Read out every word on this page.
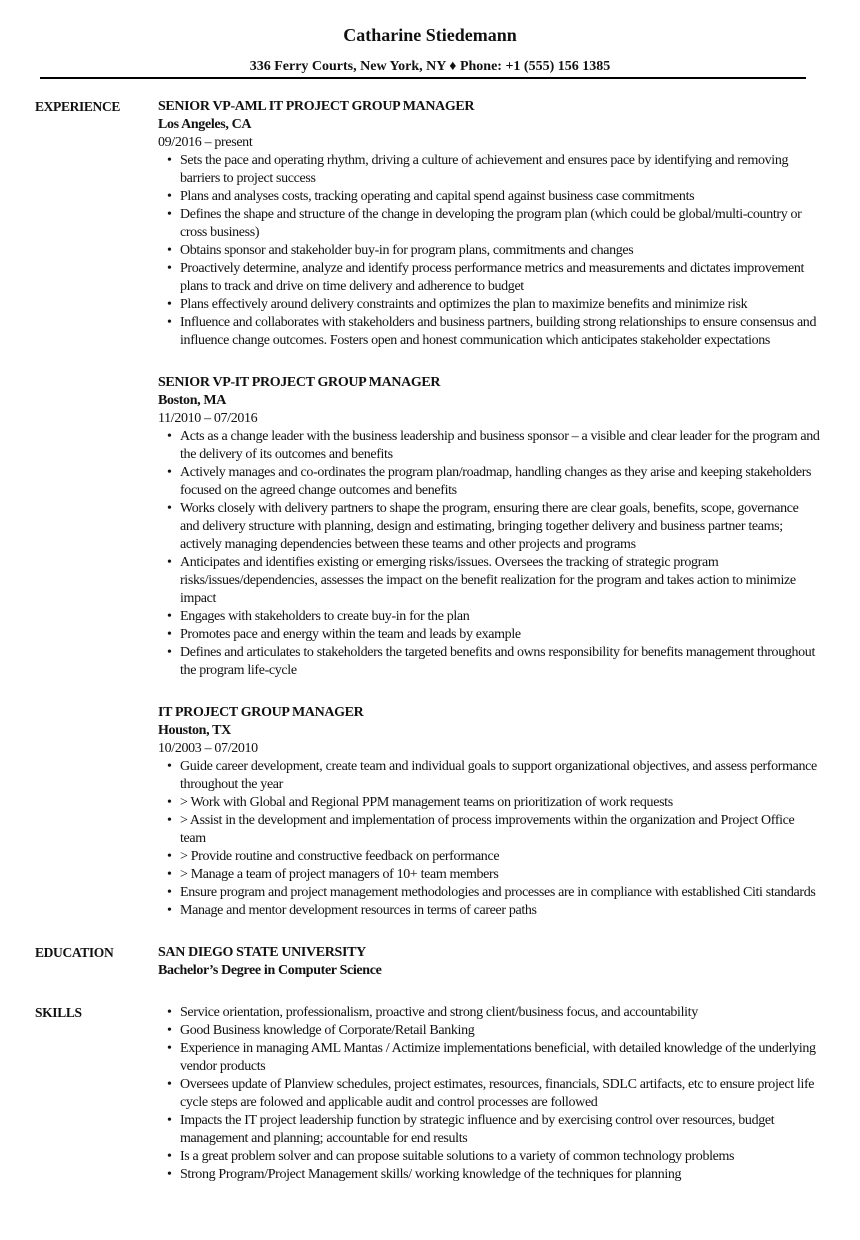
Catharine Stiedemann
336 Ferry Courts, New York, NY ♦ Phone: +1 (555) 156 1385
EXPERIENCE	SENIOR VP-AML IT PROJECT GROUP MANAGER
Los Angeles, CA
09/2016 – present
• Sets the pace and operating rhythm, driving a culture of achievement and ensures pace by identifying and removing barriers to project success
• Plans and analyses costs, tracking operating and capital spend against business case commitments
• Defines the shape and structure of the change in developing the program plan (which could be global/multi-country or cross business)
• Obtains sponsor and stakeholder buy-in for program plans, commitments and changes
• Proactively determine, analyze and identify process performance metrics and measurements and dictates improvement plans to track and drive on time delivery and adherence to budget
• Plans effectively around delivery constraints and optimizes the plan to maximize benefits and minimize risk
• Influence and collaborates with stakeholders and business partners, building strong relationships to ensure consensus and influence change outcomes. Fosters open and honest communication which anticipates stakeholder expectations
SENIOR VP-IT PROJECT GROUP MANAGER
Boston, MA
11/2010 – 07/2016
• Acts as a change leader with the business leadership and business sponsor – a visible and clear leader for the program and the delivery of its outcomes and benefits
• Actively manages and co-ordinates the program plan/roadmap, handling changes as they arise and keeping stakeholders focused on the agreed change outcomes and benefits
• Works closely with delivery partners to shape the program, ensuring there are clear goals, benefits, scope, governance and delivery structure with planning, design and estimating, bringing together delivery and business partner teams; actively managing dependencies between these teams and other projects and programs
• Anticipates and identifies existing or emerging risks/issues. Oversees the tracking of strategic program risks/issues/dependencies, assesses the impact on the benefit realization for the program and takes action to minimize impact
• Engages with stakeholders to create buy-in for the plan
• Promotes pace and energy within the team and leads by example
• Defines and articulates to stakeholders the targeted benefits and owns responsibility for benefits management throughout the program life-cycle
IT PROJECT GROUP MANAGER
Houston, TX
10/2003 – 07/2010
• Guide career development, create team and individual goals to support organizational objectives, and assess performance throughout the year
• > Work with Global and Regional PPM management teams on prioritization of work requests
• > Assist in the development and implementation of process improvements within the organization and Project Office team
• > Provide routine and constructive feedback on performance
• > Manage a team of project managers of 10+ team members
• Ensure program and project management methodologies and processes are in compliance with established Citi standards
• Manage and mentor development resources in terms of career paths
EDUCATION	SAN DIEGO STATE UNIVERSITY
Bachelor’s Degree in Computer Science
SKILLS	• Service orientation, professionalism, proactive and strong client/business focus, and accountability
• Good Business knowledge of Corporate/Retail Banking
• Experience in managing AML Mantas / Actimize implementations beneficial, with detailed knowledge of the underlying vendor products
• Oversees update of Planview schedules, project estimates, resources, financials, SDLC artifacts, etc to ensure project life cycle steps are folowed and applicable audit and control processes are followed
• Impacts the IT project leadership function by strategic influence and by exercising control over resources, budget management and planning; accountable for end results
• Is a great problem solver and can propose suitable solutions to a variety of common technology problems
• Strong Program/Project Management skills/ working knowledge of the techniques for planning
